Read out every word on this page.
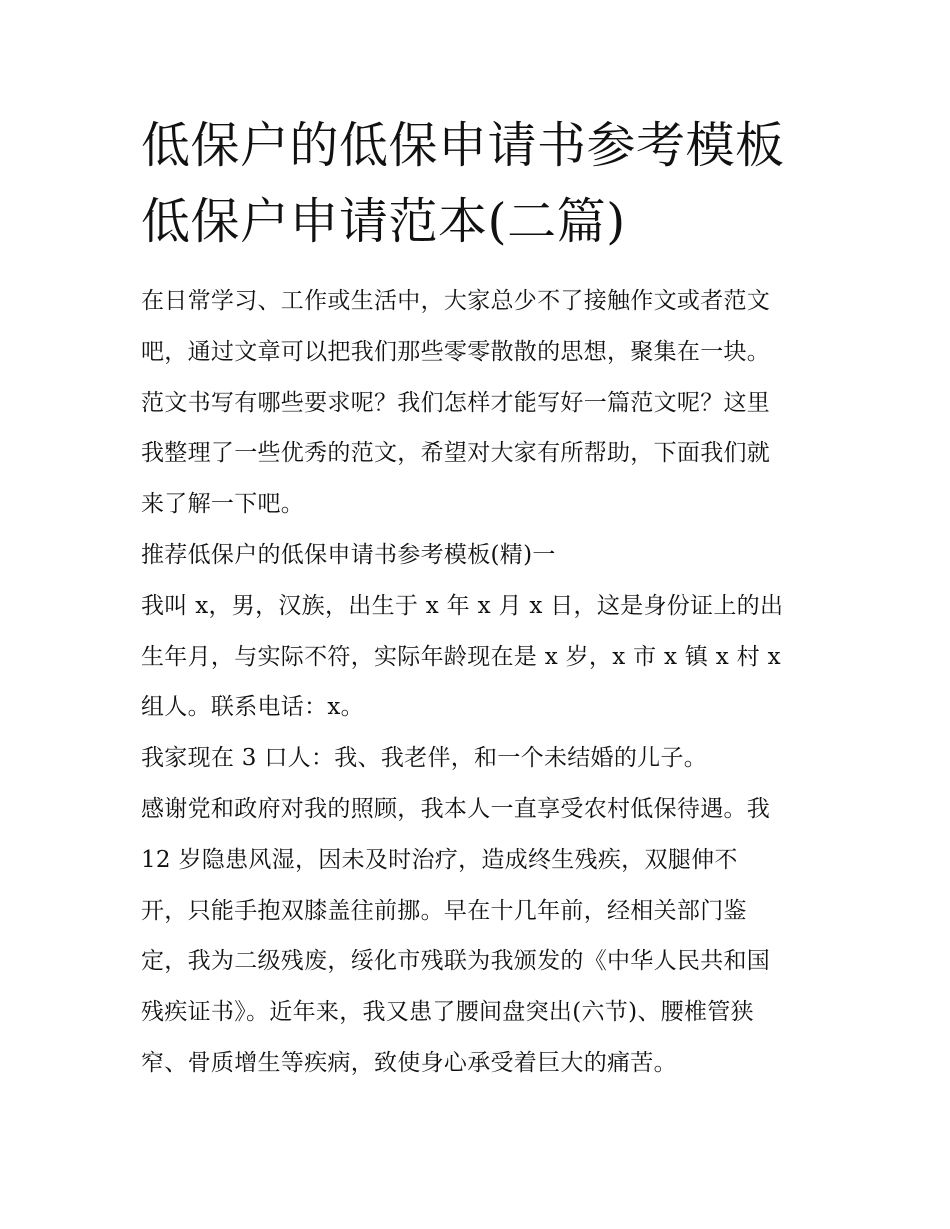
低保户的低保申请书参考模板
低保户申请范本(二篇)

在日常学习、工作或生活中，大家总少不了接触作文或者范文

吧，通过文章可以把我们那些零零散散的思想，聚集在一块。

范文书写有哪些要求呢？我们怎样才能写好一篇范文呢？这里

我整理了一些优秀的范文，希望对大家有所帮助，下面我们就

来了解一下吧。

推荐低保户的低保申请书参考模板(精)一

我叫 x，男，汉族，出生于 x 年 x 月 x 日，这是身份证上的出

生年月，与实际不符，实际年龄现在是 x 岁，x 市 x 镇 x 村 x

组人。联系电话：x。

我家现在 3 口人：我、我老伴，和一个未结婚的儿子。

感谢党和政府对我的照顾，我本人一直享受农村低保待遇。我

12 岁隐患风湿，因未及时治疗，造成终生残疾，双腿伸不

开，只能手抱双膝盖往前挪。早在十几年前，经相关部门鉴

定，我为二级残废，绥化市残联为我颁发的《中华人民共和国

残疾证书》。近年来，我又患了腰间盘突出(六节)、腰椎管狭

窄、骨质增生等疾病，致使身心承受着巨大的痛苦。
